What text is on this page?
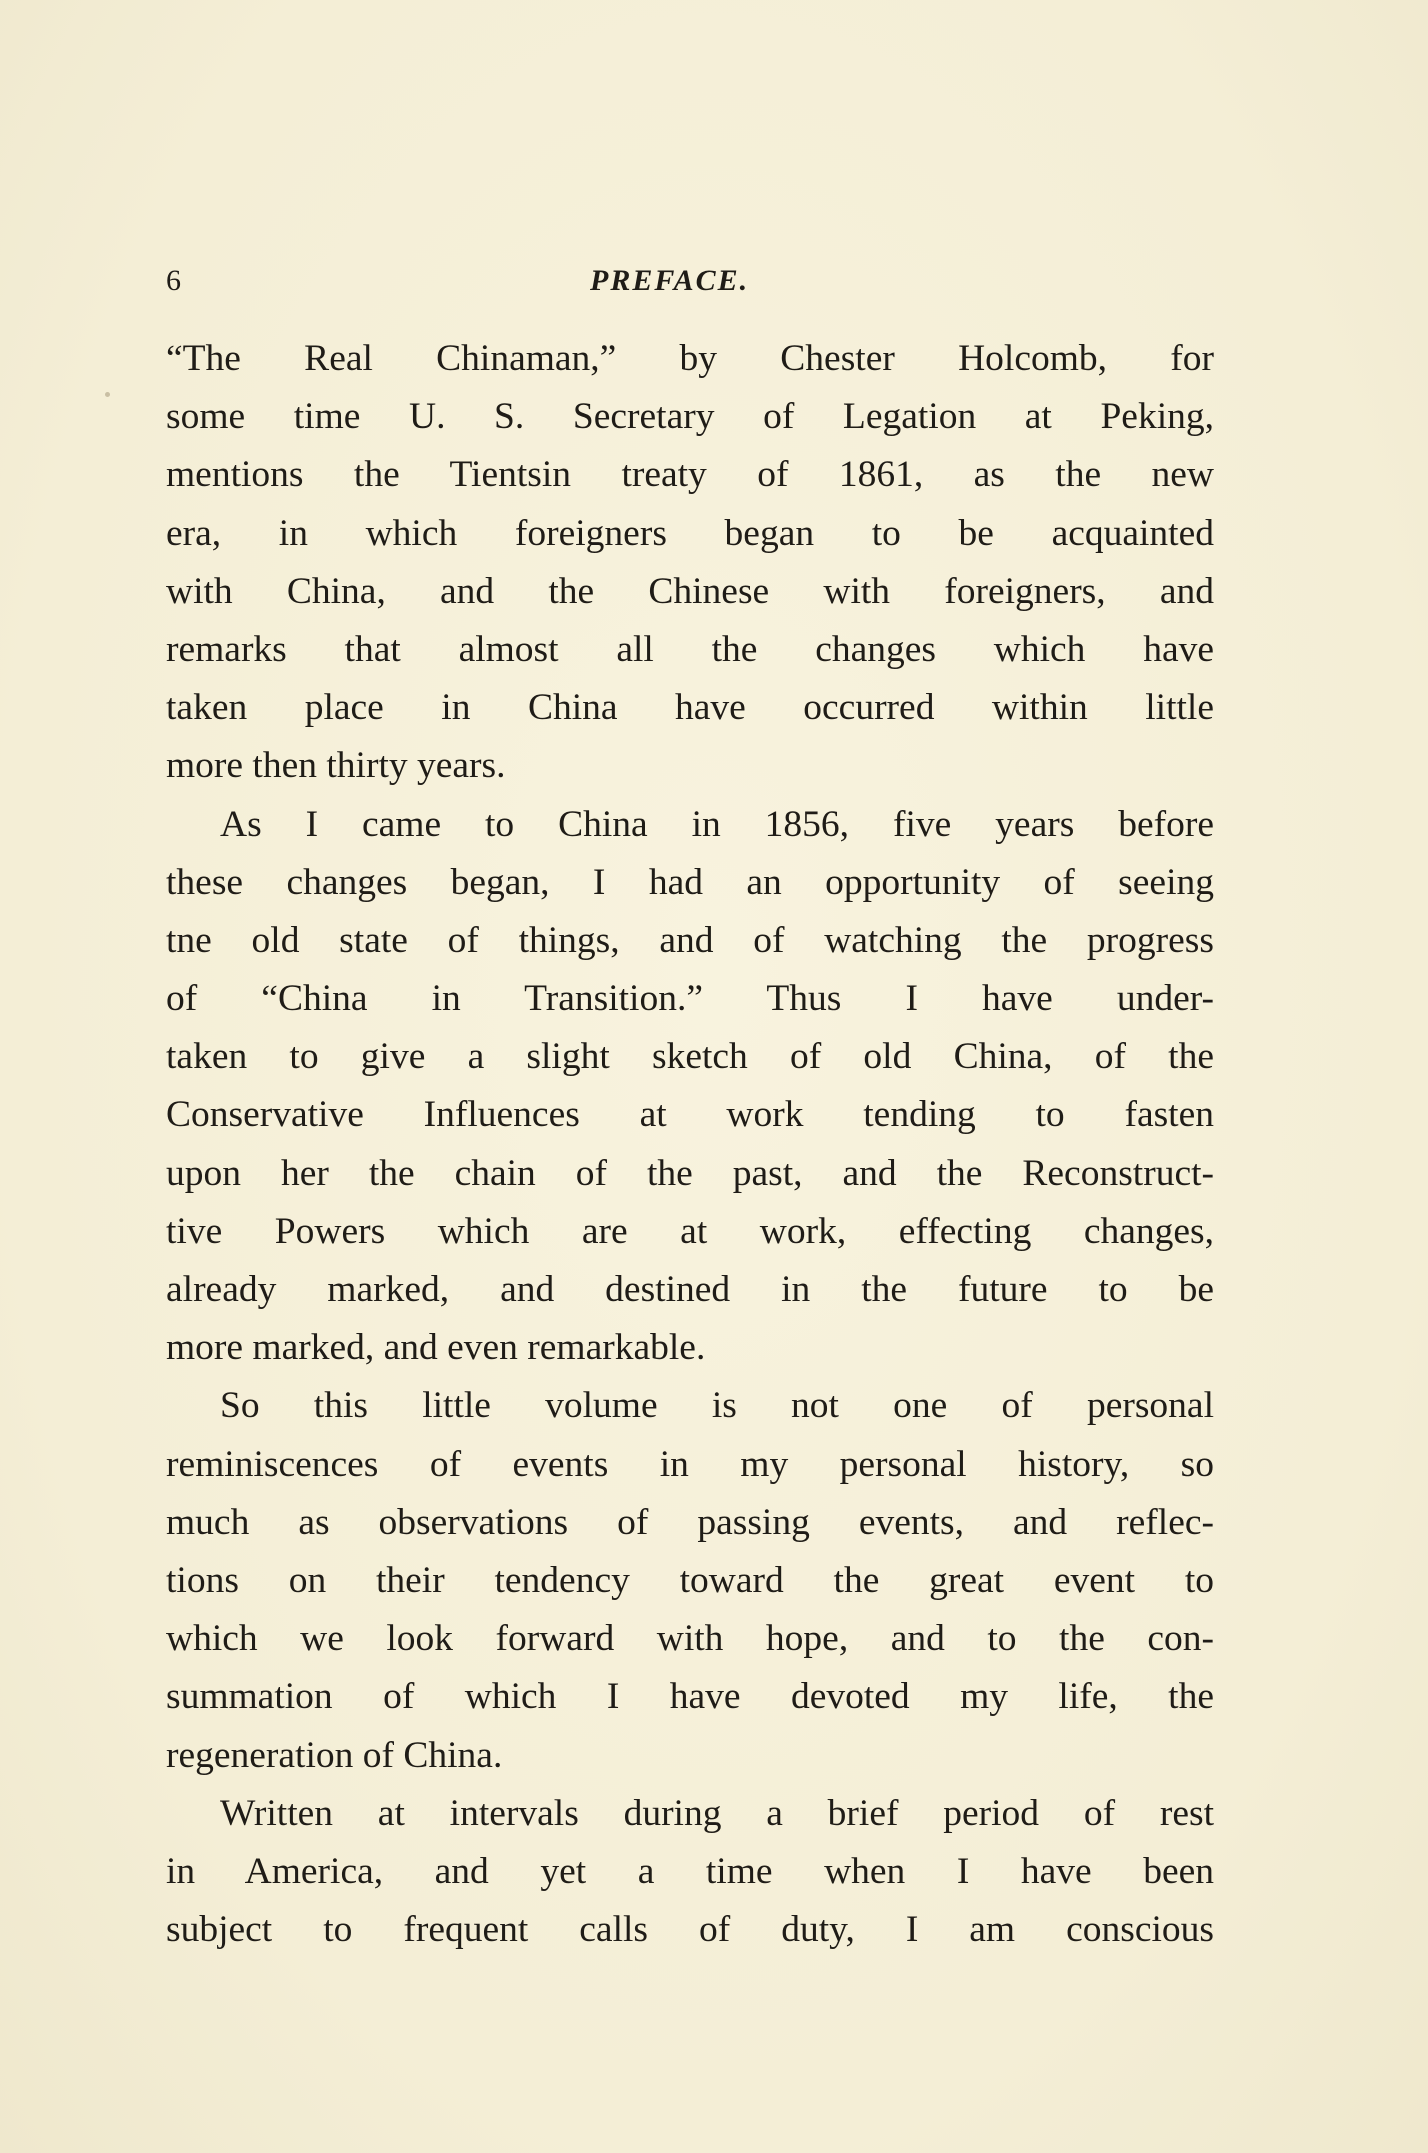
6	PREFACE.
“The Real Chinaman,” by Chester Holcomb, for
some time U. S. Secretary of Legation at Peking,
mentions the Tientsin treaty of 1861, as the new
era, in which foreigners began to be acquainted
with China, and the Chinese with foreigners, and
remarks that almost all the changes which have
taken place in China have occurred within little
more then thirty years.
As I came to China in 1856, five years before
these changes began, I had an opportunity of seeing
tne old state of things, and of watching the progress
of “China in Transition.” Thus I have under-
taken to give a slight sketch of old China, of the
Conservative Influences at work tending to fasten
upon her the chain of the past, and the Reconstruct-
tive Powers which are at work, effecting changes,
already marked, and destined in the future to be
more marked, and even remarkable.
So this little volume is not one of personal
reminiscences of events in my personal history, so
much as observations of passing events, and reflec-
tions on their tendency toward the great event to
which we look forward with hope, and to the con-
summation of which I have devoted my life, the
regeneration of China.
Written at intervals during a brief period of rest
in America, and yet a time when I have been
subject to frequent calls of duty, I am conscious
